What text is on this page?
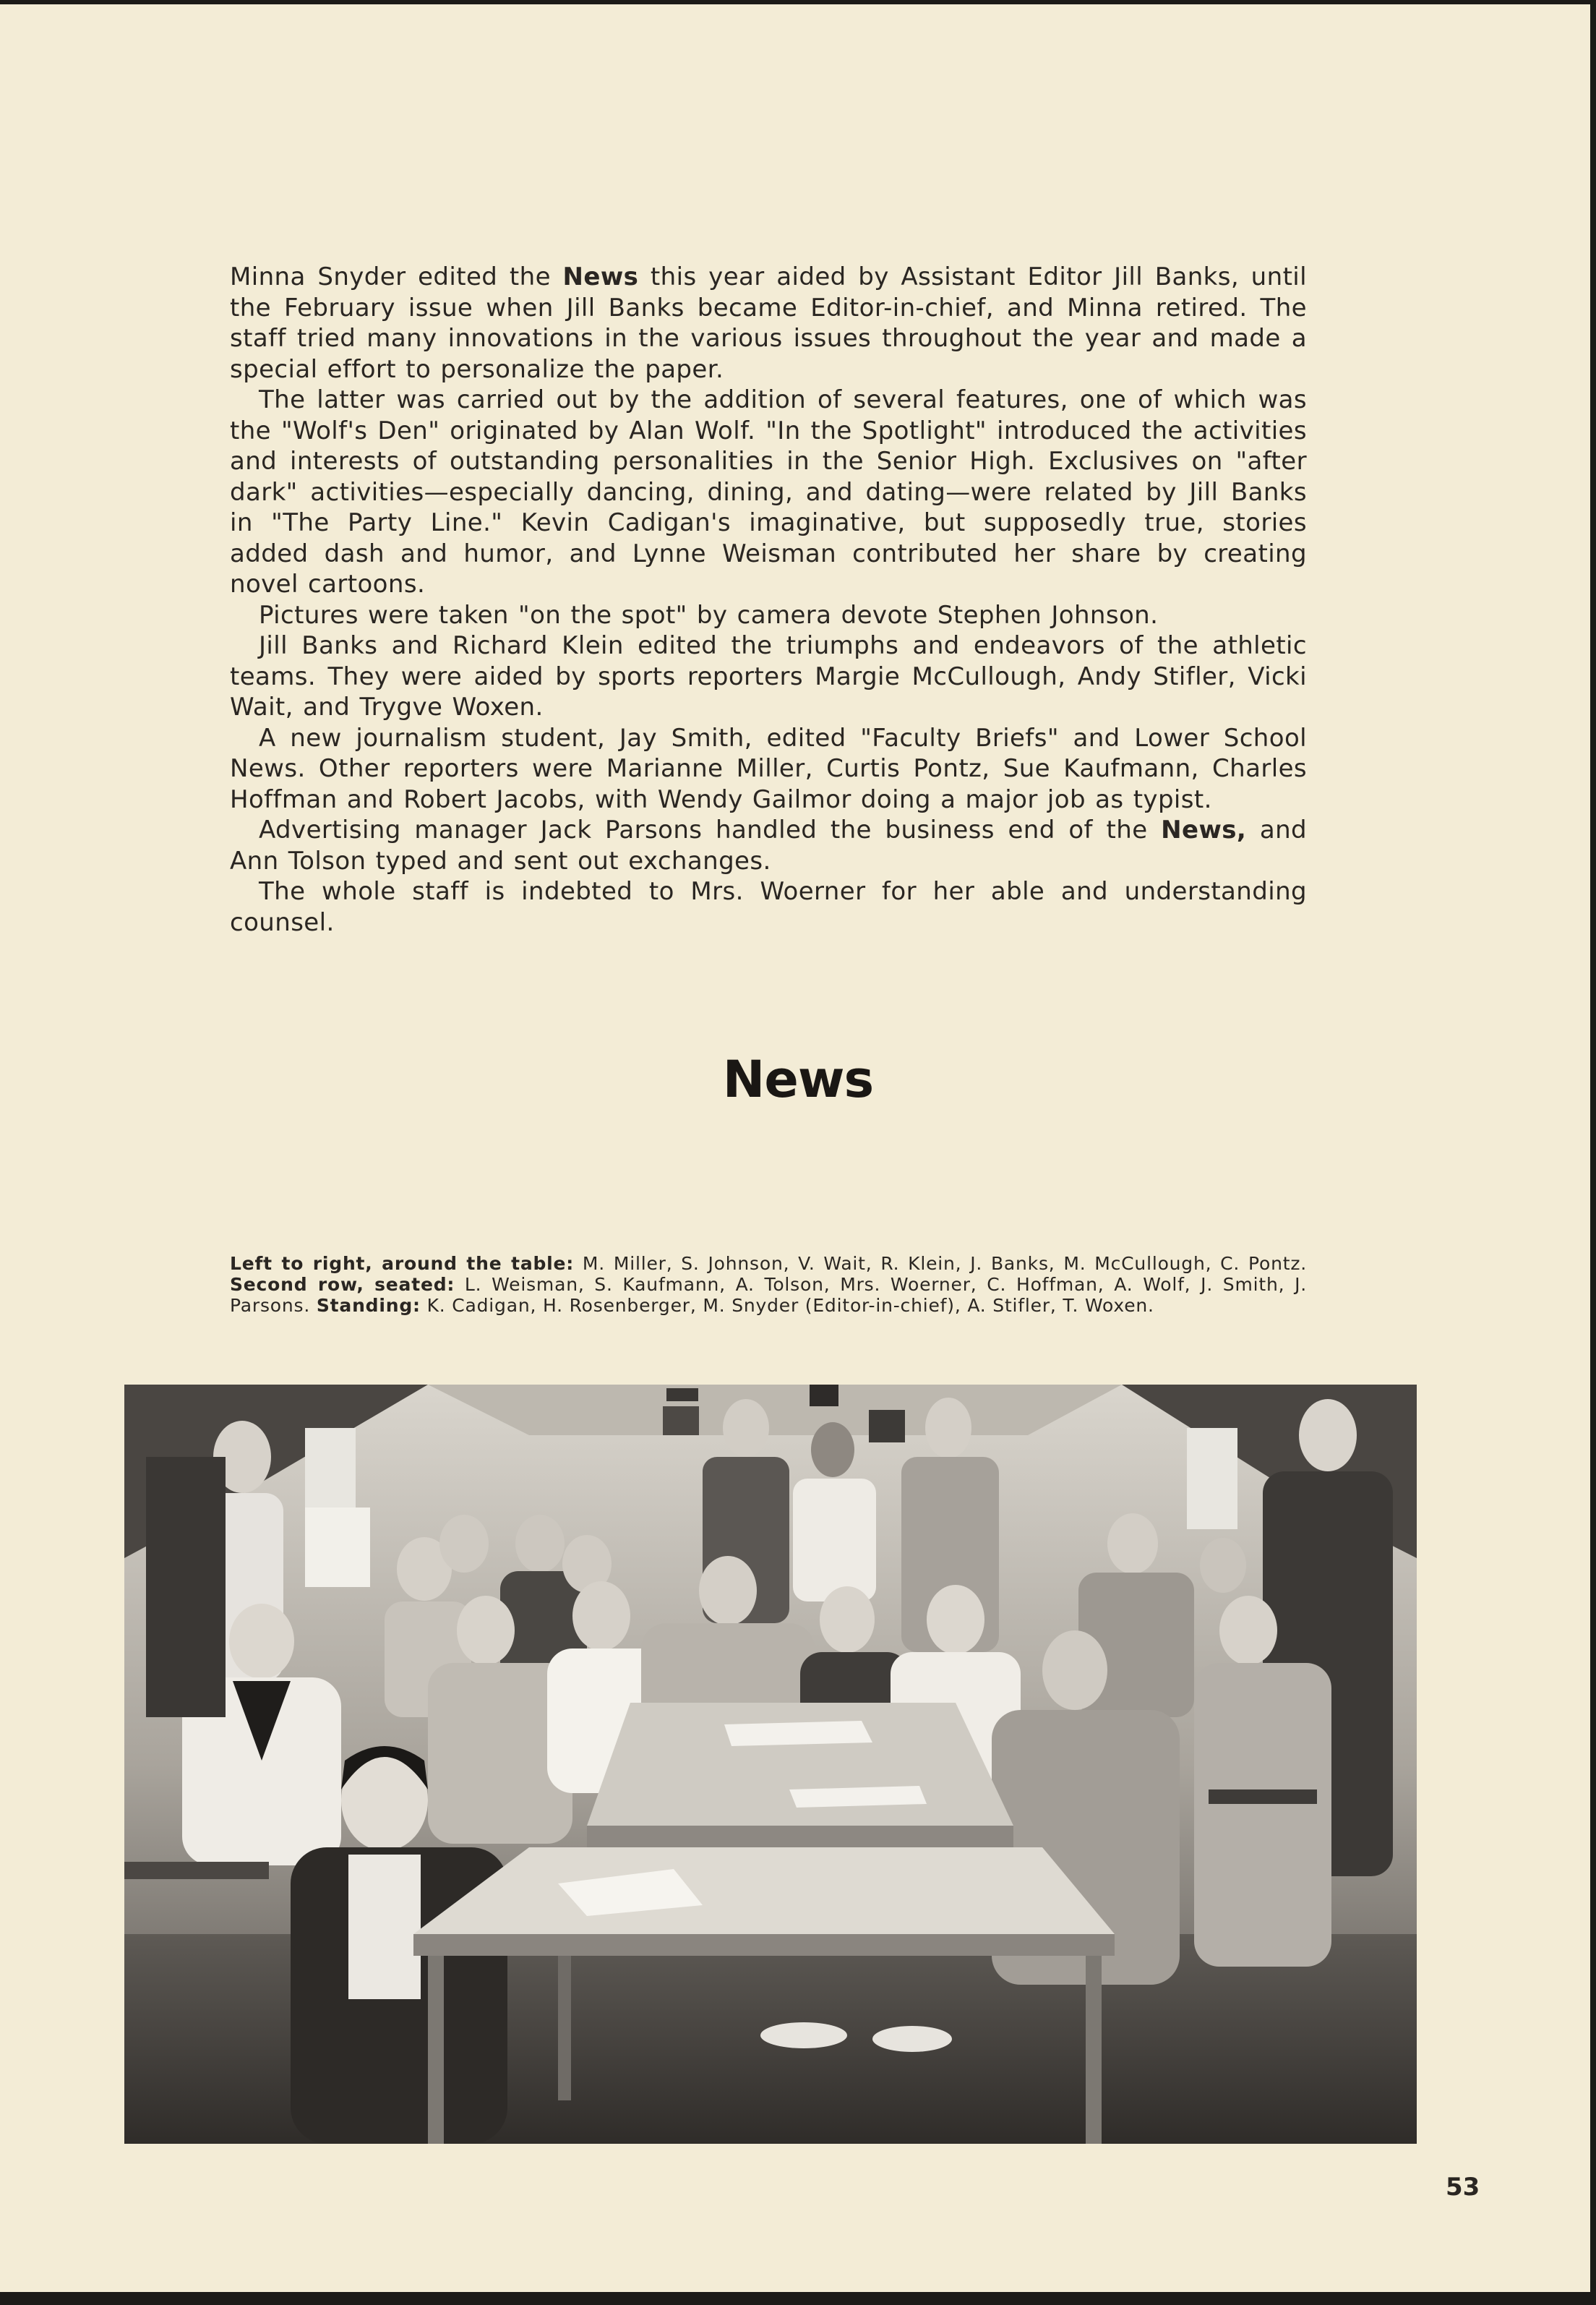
Minna Snyder edited the News this year aided by Assistant Editor Jill Banks, until the February issue when Jill Banks became Editor-in-chief, and Minna retired. The staff tried many innovations in the various issues throughout the year and made a special effort to personalize the paper.

The latter was carried out by the addition of several features, one of which was the "Wolf's Den" originated by Alan Wolf. "In the Spotlight" introduced the activities and interests of outstanding personalities in the Senior High. Exclusives on "after dark" activities—especially dancing, dining, and dating—were related by Jill Banks in "The Party Line." Kevin Cadigan's imaginative, but supposedly true, stories added dash and humor, and Lynne Weisman contributed her share by creating novel cartoons.

Pictures were taken "on the spot" by camera devote Stephen Johnson.

Jill Banks and Richard Klein edited the triumphs and endeavors of the athletic teams. They were aided by sports reporters Margie McCullough, Andy Stifler, Vicki Wait, and Trygve Woxen.

A new journalism student, Jay Smith, edited "Faculty Briefs" and Lower School News. Other reporters were Marianne Miller, Curtis Pontz, Sue Kaufmann, Charles Hoffman and Robert Jacobs, with Wendy Gailmor doing a major job as typist.

Advertising manager Jack Parsons handled the business end of the News, and Ann Tolson typed and sent out exchanges.

The whole staff is indebted to Mrs. Woerner for her able and understanding counsel.

News
Left to right, around the table: M. Miller, S. Johnson, V. Wait, R. Klein, J. Banks, M. McCullough, C. Pontz. Second row, seated: L. Weisman, S. Kaufmann, A. Tolson, Mrs. Woerner, C. Hoffman, A. Wolf, J. Smith, J. Parsons. Standing: K. Cadigan, H. Rosenberger, M. Snyder (Editor-in-chief), A. Stifler, T. Woxen.
53
